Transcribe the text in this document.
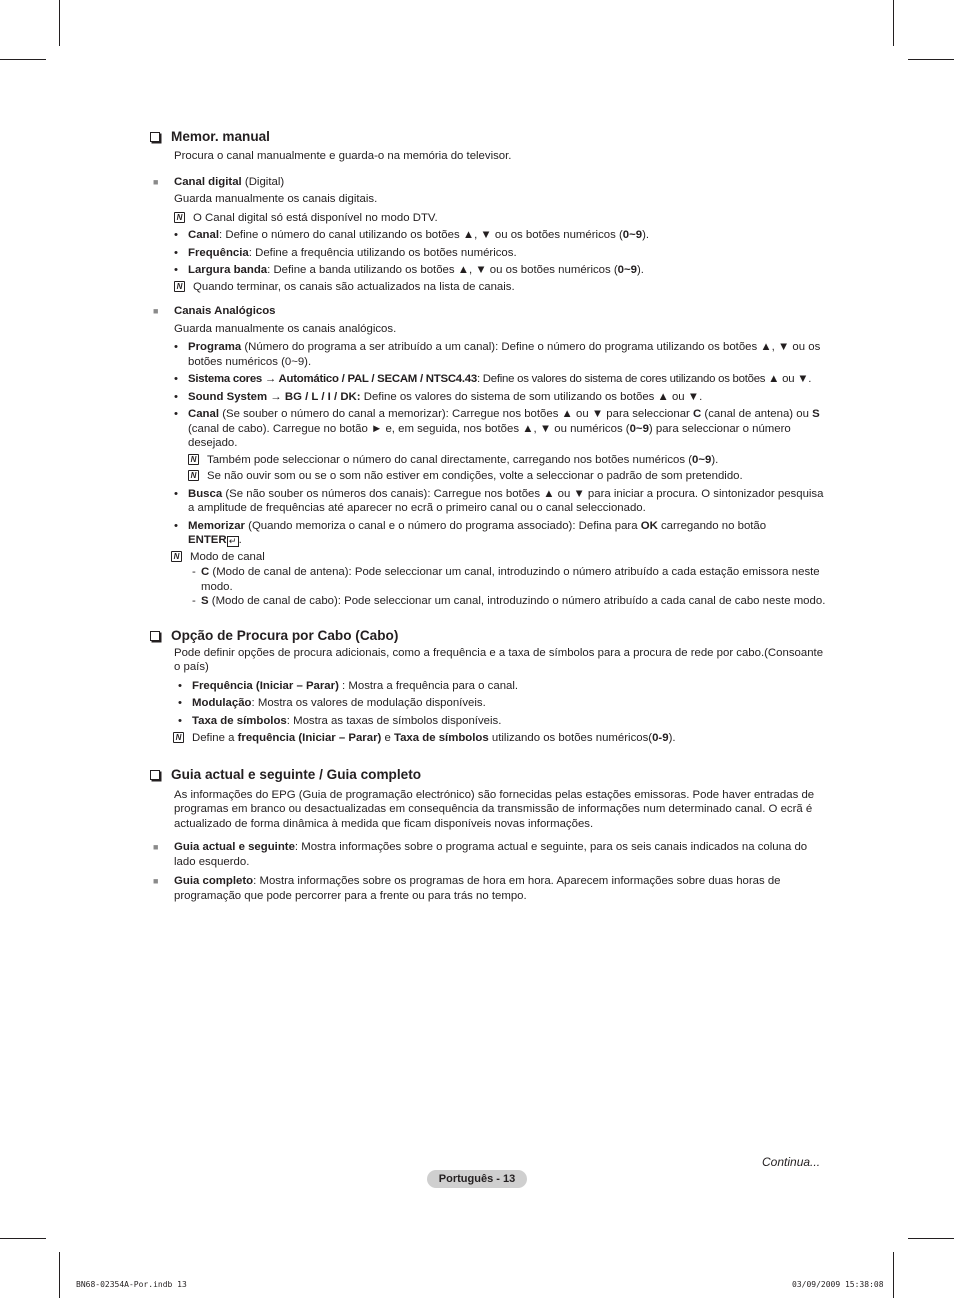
Memor. manual
Procura o canal manualmente e guarda-o na memória do televisor.
■	Canal digital (Digital)
Guarda manualmente os canais digitais.
N O Canal digital só está disponível no modo DTV.
• Canal: Define o número do canal utilizando os botões ▲, ▼ ou os botões numéricos (0~9).
• Frequência: Define a frequência utilizando os botões numéricos.
• Largura banda: Define a banda utilizando os botões ▲, ▼ ou os botões numéricos (0~9).
N Quando terminar, os canais são actualizados na lista de canais.
■	Canais Analógicos
Guarda manualmente os canais analógicos.
• Programa (Número do programa a ser atribuído a um canal): Define o número do programa utilizando os botões ▲, ▼ ou os botões numéricos (0~9).
• Sistema cores → Automático / PAL / SECAM / NTSC4.43: Define os valores do sistema de cores utilizando os botões ▲ ou ▼.
• Sound System → BG / L / I / DK: Define os valores do sistema de som utilizando os botões ▲ ou ▼.
• Canal (Se souber o número do canal a memorizar): Carregue nos botões ▲ ou ▼ para seleccionar C (canal de antena) ou S (canal de cabo). Carregue no botão ► e, em seguida, nos botões ▲, ▼ ou numéricos (0~9) para seleccionar o número desejado.
N Também pode seleccionar o número do canal directamente, carregando nos botões numéricos (0~9).
N Se não ouvir som ou se o som não estiver em condições, volte a seleccionar o padrão de som pretendido.
• Busca (Se não souber os números dos canais): Carregue nos botões ▲ ou ▼ para iniciar a procura. O sintonizador pesquisa a amplitude de frequências até aparecer no ecrã o primeiro canal ou o canal seleccionado.
• Memorizar (Quando memoriza o canal e o número do programa associado): Defina para OK carregando no botão
ENTER ↵ .
N Modo de canal
- C (Modo de canal de antena): Pode seleccionar um canal, introduzindo o número atribuído a cada estação emissora neste modo.
- S (Modo de canal de cabo): Pode seleccionar um canal, introduzindo o número atribuído a cada canal de cabo neste modo.
Opção de Procura por Cabo (Cabo)
Pode definir opções de procura adicionais, como a frequência e a taxa de símbolos para a procura de rede por cabo.(Consoante o país)
• Frequência (Iniciar – Parar) : Mostra a frequência para o canal.
• Modulação: Mostra os valores de modulação disponíveis.
• Taxa de símbolos: Mostra as taxas de símbolos disponíveis.
N Define a frequência (Iniciar – Parar) e Taxa de símbolos utilizando os botões numéricos(0-9).
Guia actual e seguinte / Guia completo
As informações do EPG (Guia de programação electrónico) são fornecidas pelas estações emissoras. Pode haver entradas de programas em branco ou desactualizadas em consequência da transmissão de informações num determinado canal. O ecrã é actualizado de forma dinâmica à medida que ficam disponíveis novas informações.
■	Guia actual e seguinte: Mostra informações sobre o programa actual e seguinte, para os seis canais indicados na coluna do lado esquerdo.
■	Guia completo: Mostra informações sobre os programas de hora em hora. Aparecem informações sobre duas horas de programação que pode percorrer para a frente ou para trás no tempo.
Continua...
Português - 13
BN68-02354A-Por.indb 13	03/09/2009 15:38:08
